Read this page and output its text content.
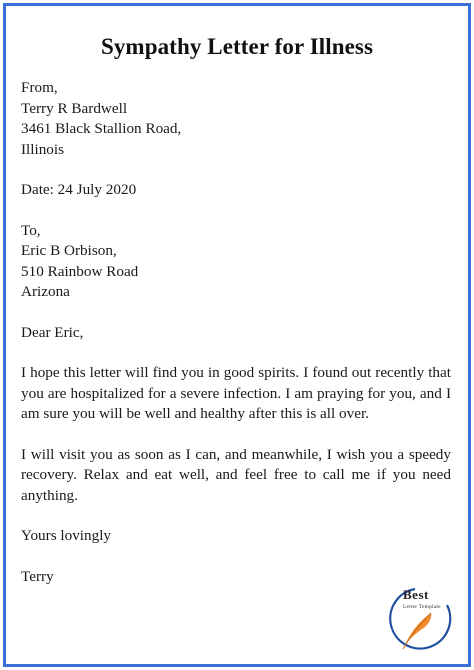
Sympathy Letter for Illness
From,
Terry R Bardwell
3461 Black Stallion Road,
Illinois
Date: 24 July 2020
To,
Eric B Orbison,
510 Rainbow Road
Arizona
Dear Eric,
I hope this letter will find you in good spirits. I found out recently that you are hospitalized for a severe infection. I am praying for you, and I am sure you will be well and healthy after this is all over.
I will visit you as soon as I can, and meanwhile, I wish you a speedy recovery. Relax and eat well, and feel free to call me if you need anything.
Yours lovingly
Terry
Best
Letter Template
